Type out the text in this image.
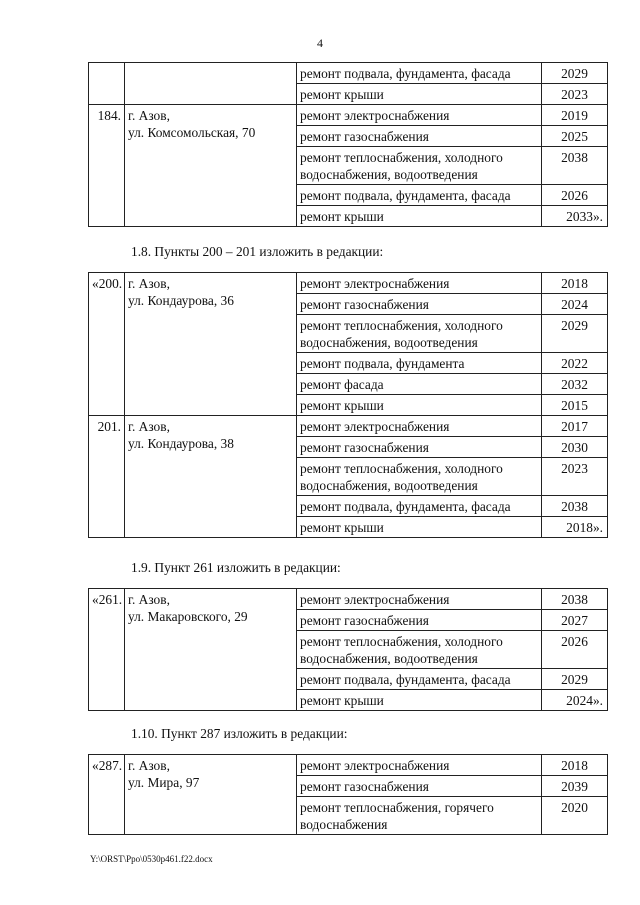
4
		ремонт подвала, фундамента, фасада	2029
		ремонт крыши	2023
184.	г. Азов,
ул. Комсомольская, 70	ремонт электроснабжения	2019
		ремонт газоснабжения	2025
		ремонт теплоснабжения, холодного водоснабжения, водоотведения	2038
		ремонт подвала, фундамента, фасада	2026
		ремонт крыши	2033».
1.8. Пункты 200 – 201 изложить в редакции:
«200.	г. Азов,
ул. Кондаурова, 36	ремонт электроснабжения	2018
		ремонт газоснабжения	2024
		ремонт теплоснабжения, холодного водоснабжения, водоотведения	2029
		ремонт подвала, фундамента	2022
		ремонт фасада	2032
		ремонт крыши	2015
201.	г. Азов,
ул. Кондаурова, 38	ремонт электроснабжения	2017
		ремонт газоснабжения	2030
		ремонт теплоснабжения, холодного водоснабжения, водоотведения	2023
		ремонт подвала, фундамента, фасада	2038
		ремонт крыши	2018».
1.9. Пункт 261 изложить в редакции:
«261.	г. Азов,
ул. Макаровского, 29	ремонт электроснабжения	2038
		ремонт газоснабжения	2027
		ремонт теплоснабжения, холодного водоснабжения, водоотведения	2026
		ремонт подвала, фундамента, фасада	2029
		ремонт крыши	2024».
1.10. Пункт 287 изложить в редакции:
«287.	г. Азов,
ул. Мира, 97	ремонт электроснабжения	2018
		ремонт газоснабжения	2039
		ремонт теплоснабжения, горячего водоснабжения	2020
Y:\ORST\Ppo\0530p461.f22.docx
